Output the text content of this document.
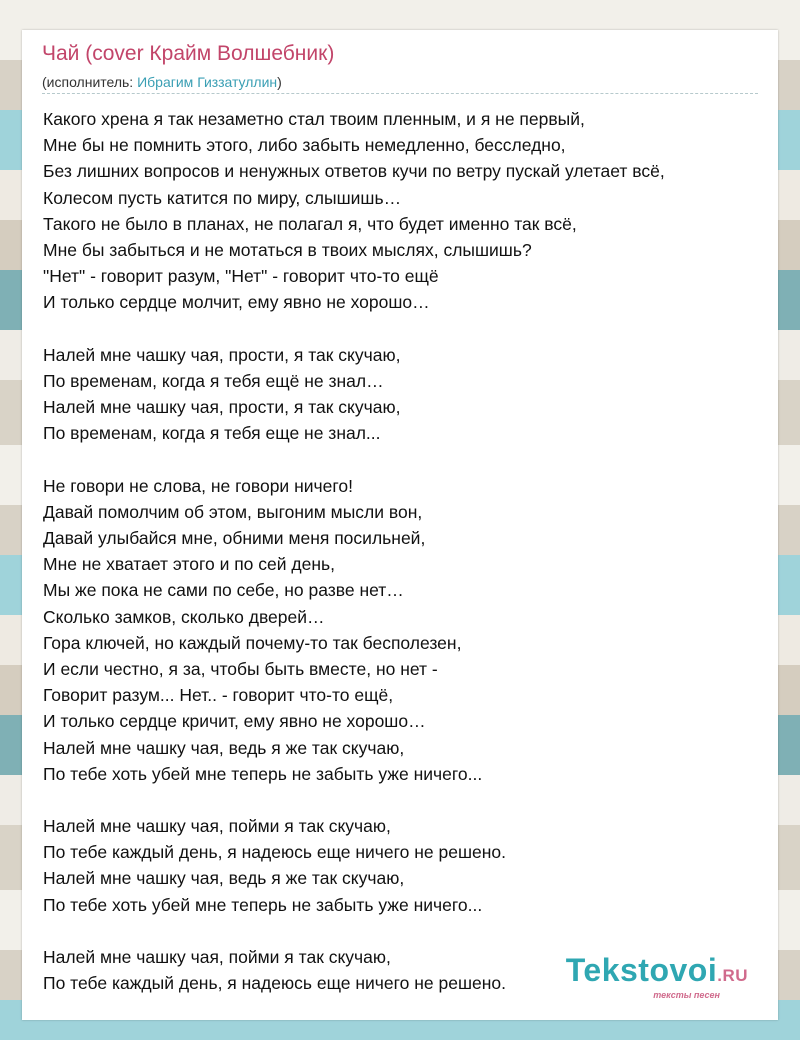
Чай (cover Крайм Волшебник)
(исполнитель: Ибрагим Гиззатуллин)
Какого хрена я так незаметно стал твоим пленным, и я не первый,
Мне бы не помнить этого, либо забыть немедленно, бесследно,
Без лишних вопросов и ненужных ответов кучи по ветру пускай улетает всё,
Колесом пусть катится по миру, слышишь…
Такого не было в планах, не полагал я, что будет именно так всё,
Мне бы забыться и не мотаться в твоих мыслях, слышишь?
"Нет" - говорит разум, "Нет" - говорит что-то ещё
И только сердце молчит, ему явно не хорошо…
Налей мне чашку чая, прости, я так скучаю,
По временам, когда я тебя ещё не знал…
Налей мне чашку чая, прости, я так скучаю,
По временам, когда я тебя еще не знал...
Не говори не слова, не говори ничего!
Давай помолчим об этом, выгоним мысли вон,
Давай улыбайся мне, обними меня посильней,
Мне не хватает этого и по сей день,
Мы же пока не сами по себе, но разве нет…
Сколько замков, сколько дверей…
Гора ключей, но каждый почему-то так бесполезен,
И если честно, я за, чтобы быть вместе, но нет -
Говорит разум... Нет.. - говорит что-то ещё,
И только сердце кричит, ему явно не хорошо…
Налей мне чашку чая, ведь я же так скучаю,
По тебе хоть убей мне теперь не забыть уже ничего...
Налей мне чашку чая, пойми я так скучаю,
По тебе каждый день, я надеюсь еще ничего не решено.
Налей мне чашку чая, ведь я же так скучаю,
По тебе хоть убей мне теперь не забыть уже ничего...
Налей мне чашку чая, пойми я так скучаю,
По тебе каждый день, я надеюсь еще ничего не решено.	Tekstovoi.RU
тексты песен
